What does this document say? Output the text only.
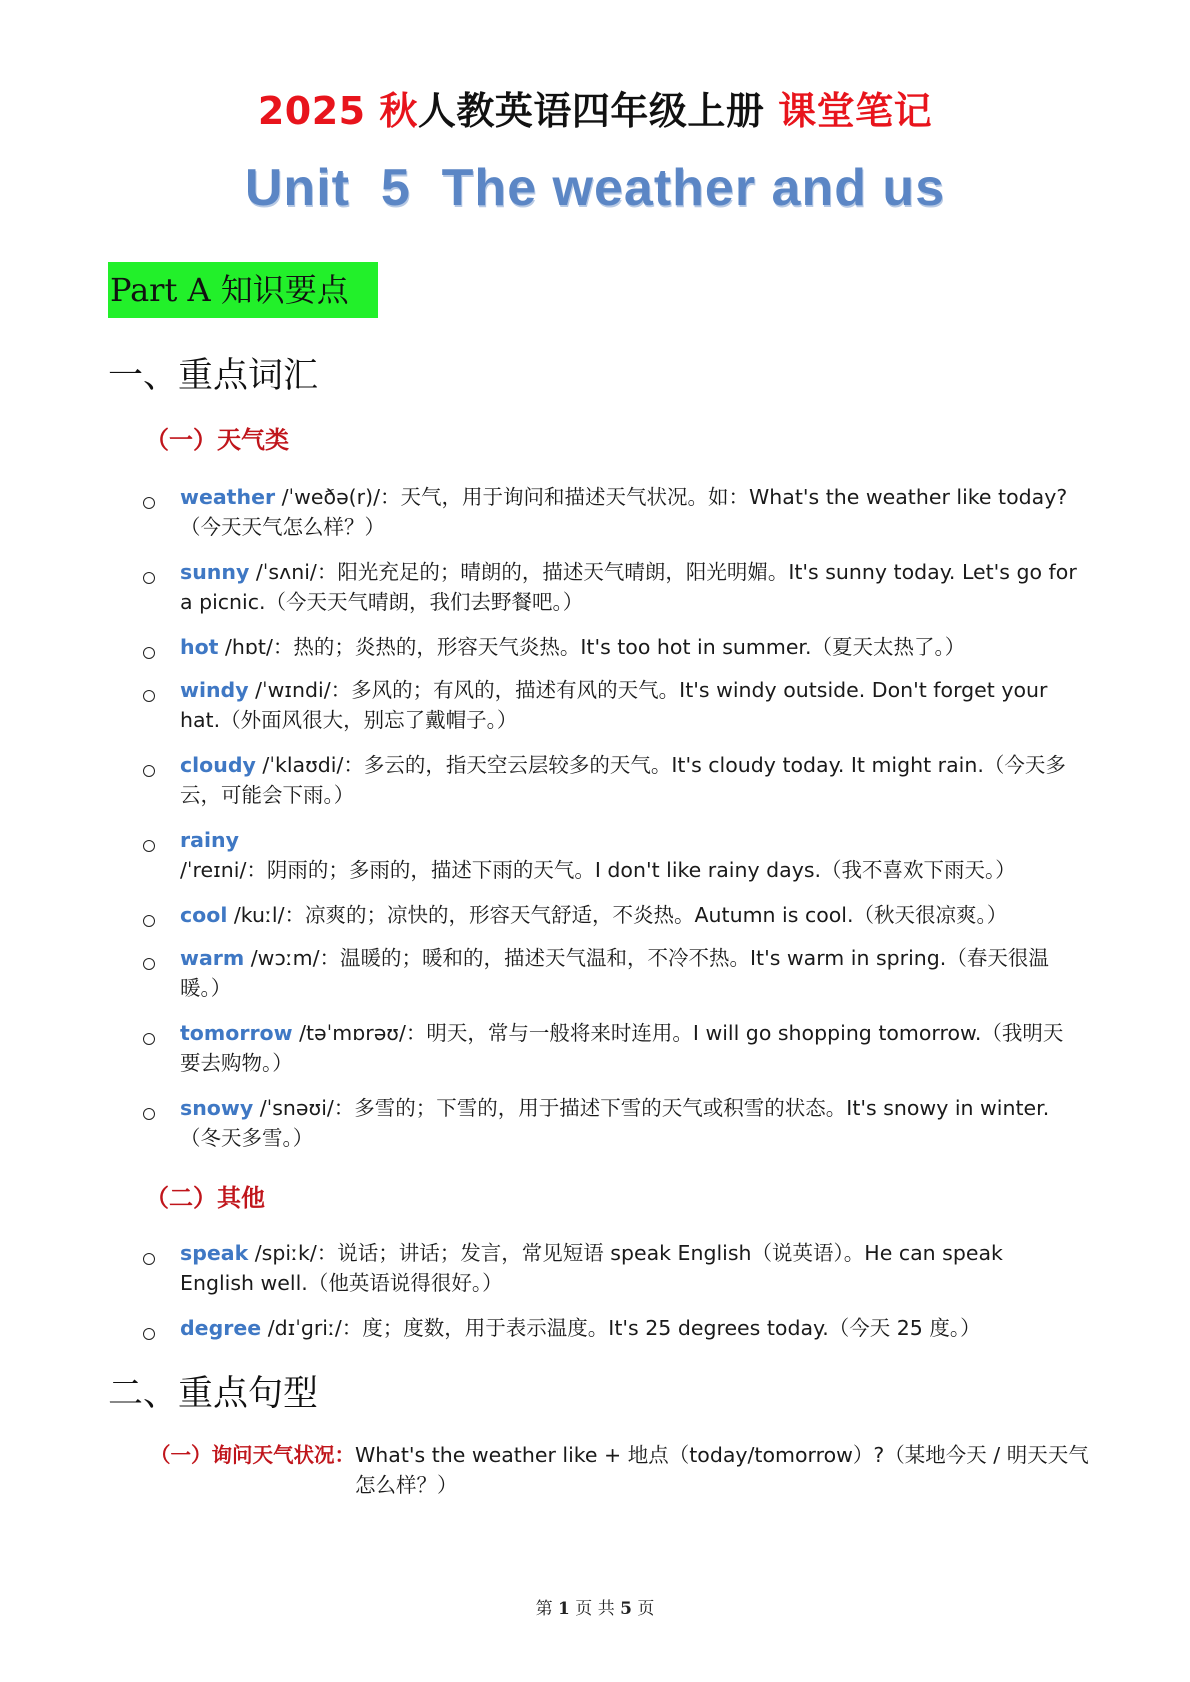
2025 秋人教英语四年级上册 课堂笔记
Unit  5  The weather and us
Part A 知识要点
一、重点词汇
（一）天气类
weather /ˈweðə(r)/：天气，用于询问和描述天气状况。如：What's the weather like today?（今天天气怎么样？）
sunny /ˈsʌni/：阳光充足的；晴朗的，描述天气晴朗，阳光明媚。It's sunny today. Let's go for a picnic.（今天天气晴朗，我们去野餐吧。）
hot /hɒt/：热的；炎热的，形容天气炎热。It's too hot in summer.（夏天太热了。）
windy /ˈwɪndi/：多风的；有风的，描述有风的天气。It's windy outside. Don't forget your hat.（外面风很大，别忘了戴帽子。）
cloudy /ˈklaʊdi/：多云的，指天空云层较多的天气。It's cloudy today. It might rain.（今天多云，可能会下雨。）
rainy /ˈreɪni/：阴雨的；多雨的，描述下雨的天气。I don't like rainy days.（我不喜欢下雨天。）
cool /kuːl/：凉爽的；凉快的，形容天气舒适，不炎热。Autumn is cool.（秋天很凉爽。）
warm /wɔːm/：温暖的；暖和的，描述天气温和，不冷不热。It's warm in spring.（春天很温暖。）
tomorrow /təˈmɒrəʊ/：明天，常与一般将来时连用。I will go shopping tomorrow.（我明天要去购物。）
snowy /ˈsnəʊi/：多雪的；下雪的，用于描述下雪的天气或积雪的状态。It's snowy in winter.（冬天多雪。）
（二）其他
speak /spiːk/：说话；讲话；发言，常见短语 speak English（说英语）。He can speak English well.（他英语说得很好。）
degree /dɪˈɡriː/：度；度数，用于表示温度。It's 25 degrees today.（今天 25 度。）
二、重点句型
（一）询问天气状况： What's the weather like + 地点（today/tomorrow）?（某地今天 / 明天天气怎么样？）
第 1 页 共 5 页
